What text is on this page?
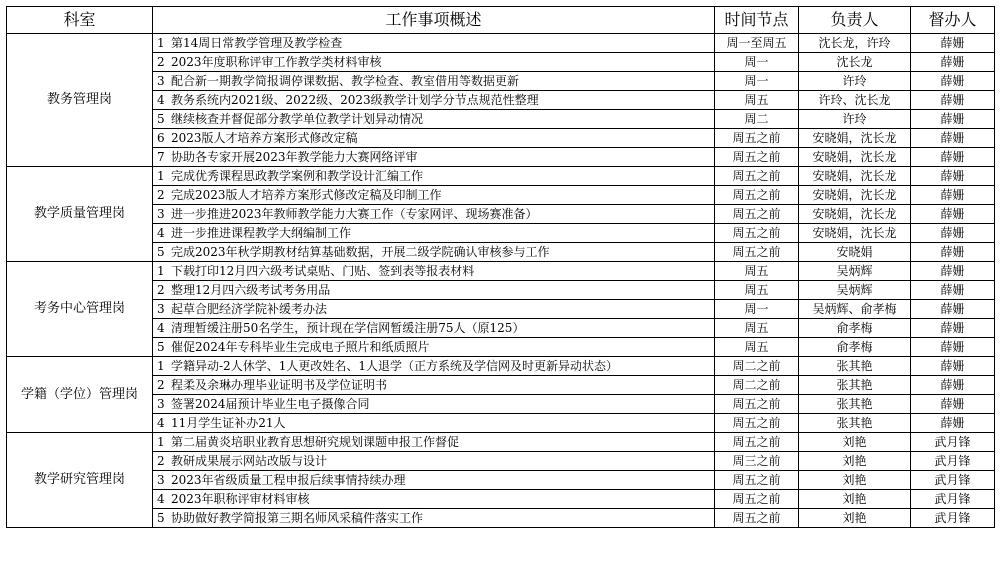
科室	工作事项概述	时间节点	负责人	督办人
教务管理岗	1 第14周日常教学管理及教学检查	周一至周五	沈长龙，许玲	薛姗
	2 2023年度职称评审工作教学类材料审核	周一	沈长龙	薛姗
	3 配合新一期教学简报调停课数据、教学检查、教室借用等数据更新	周一	许玲	薛姗
	4 教务系统内2021级、2022级、2023级教学计划学分节点规范性整理	周五	许玲、沈长龙	薛姗
	5 继续核查并督促部分教学单位教学计划异动情况	周二	许玲	薛姗
	6 2023版人才培养方案形式修改定稿	周五之前	安晓娟，沈长龙	薛姗
	7 协助各专家开展2023年教学能力大赛网络评审	周五之前	安晓娟，沈长龙	薛姗
教学质量管理岗	1 完成优秀课程思政教学案例和教学设计汇编工作	周五之前	安晓娟，沈长龙	薛姗
	2 完成2023版人才培养方案形式修改定稿及印制工作	周五之前	安晓娟，沈长龙	薛姗
	3 进一步推进2023年教师教学能力大赛工作（专家网评、现场赛准备）	周五之前	安晓娟，沈长龙	薛姗
	4 进一步推进课程教学大纲编制工作	周五之前	安晓娟，沈长龙	薛姗
	5 完成2023年秋学期教材结算基础数据，开展二级学院确认审核参与工作	周五之前	安晓娟	薛姗
考务中心管理岗	1 下载打印12月四六级考试桌贴、门贴、签到表等报表材料	周五	吴炳辉	薛姗
	2 整理12月四六级考试考务用品	周五	吴炳辉	薛姗
	3 起草合肥经济学院补缓考办法	周一	吴炳辉、俞孝梅	薛姗
	4 清理暂缓注册50名学生，预计现在学信网暂缓注册75人（原125）	周五	俞孝梅	薛姗
	5 催促2024年专科毕业生完成电子照片和纸质照片	周五	俞孝梅	薛姗
学籍（学位）管理岗	1 学籍异动-2人休学、1人更改姓名、1人退学（正方系统及学信网及时更新异动状态）	周二之前	张其艳	薛姗
	2 程柔及余琳办理毕业证明书及学位证明书	周二之前	张其艳	薛姗
	3 签署2024届预计毕业生电子摄像合同	周五之前	张其艳	薛姗
	4 11月学生证补办21人	周五之前	张其艳	薛姗
教学研究管理岗	1 第二届黄炎培职业教育思想研究规划课题申报工作督促	周五之前	刘艳	武月锋
	2 教研成果展示网站改版与设计	周三之前	刘艳	武月锋
	3 2023年省级质量工程申报后续事情持续办理	周五之前	刘艳	武月锋
	4 2023年职称评审材料审核	周五之前	刘艳	武月锋
	5 协助做好教学简报第三期名师风采稿件落实工作	周五之前	刘艳	武月锋
